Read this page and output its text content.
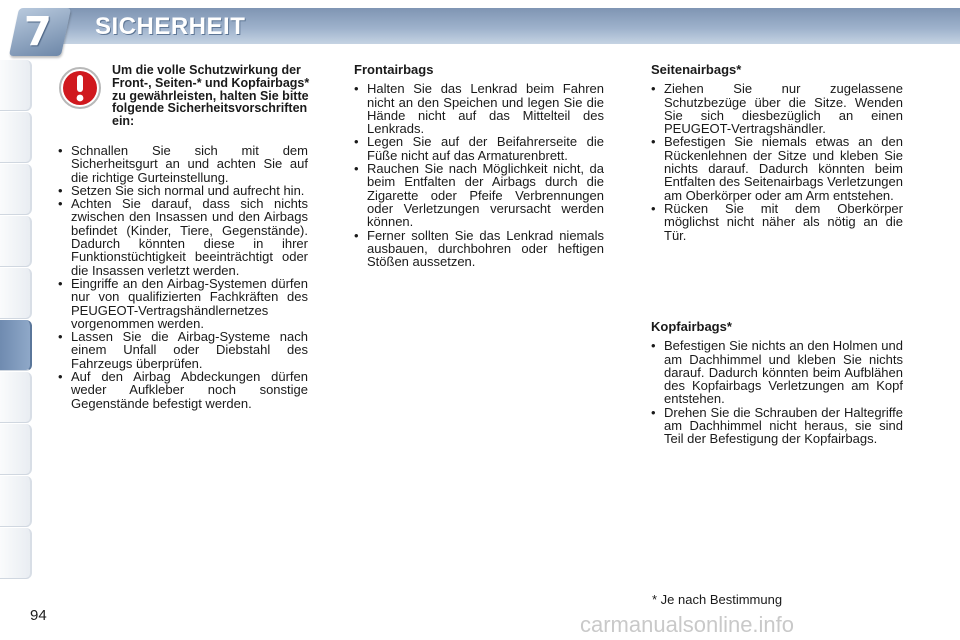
7 SICHERHEIT
Um die volle Schutzwirkung der Front-, Seiten-* und Kopfairbags* zu gewährleisten, halten Sie bitte folgende Sicherheitsvorschriften ein:
• Schnallen Sie sich mit dem Sicherheitsgurt an und achten Sie auf die richtige Gurteinstellung.
• Setzen Sie sich normal und aufrecht hin.
• Achten Sie darauf, dass sich nichts zwischen den Insassen und den Airbags befindet (Kinder, Tiere, Gegenstände). Dadurch könnten diese in ihrer Funktionstüchtigkeit beeinträchtigt oder die Insassen verletzt werden.
• Eingriffe an den Airbag-Systemen dürfen nur von qualifizierten Fachkräften des PEUGEOT-Vertragshändlernetzes vorgenommen werden.
• Lassen Sie die Airbag-Systeme nach einem Unfall oder Diebstahl des Fahrzeugs überprüfen.
• Auf den Airbag Abdeckungen dürfen weder Aufkleber noch sonstige Gegenstände befestigt werden.
Frontairbags
• Halten Sie das Lenkrad beim Fahren nicht an den Speichen und legen Sie die Hände nicht auf das Mittelteil des Lenkrads.
• Legen Sie auf der Beifahrerseite die Füße nicht auf das Armaturenbrett.
• Rauchen Sie nach Möglichkeit nicht, da beim Entfalten der Airbags durch die Zigarette oder Pfeife Verbrennungen oder Verletzungen verursacht werden können.
• Ferner sollten Sie das Lenkrad niemals ausbauen, durchbohren oder heftigen Stößen aussetzen.
Seitenairbags*
• Ziehen Sie nur zugelassene Schutzbezüge über die Sitze. Wenden Sie sich diesbezüglich an einen PEUGEOT-Vertragshändler.
• Befestigen Sie niemals etwas an den Rückenlehnen der Sitze und kleben Sie nichts darauf. Dadurch könnten beim Entfalten des Seitenairbags Verletzungen am Oberkörper oder am Arm entstehen.
• Rücken Sie mit dem Oberkörper möglichst nicht näher als nötig an die Tür.
Kopfairbags*
• Befestigen Sie nichts an den Holmen und am Dachhimmel und kleben Sie nichts darauf. Dadurch könnten beim Aufblähen des Kopfairbags Verletzungen am Kopf entstehen.
• Drehen Sie die Schrauben der Haltegriffe am Dachhimmel nicht heraus, sie sind Teil der Befestigung der Kopfairbags.
* Je nach Bestimmung
94	carmanualsonline.info
